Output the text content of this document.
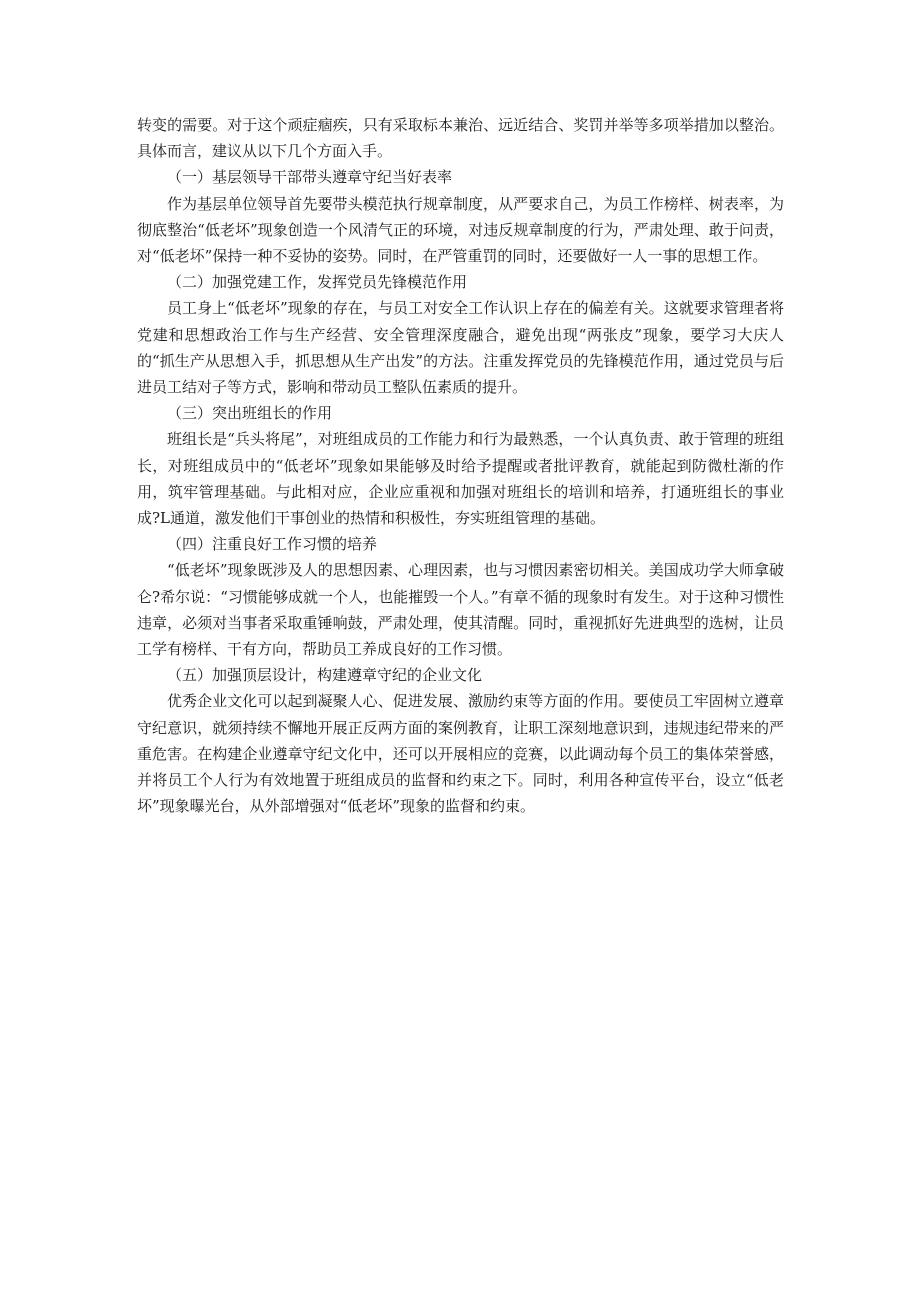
转变的需要。对于这个顽症痼疾，只有采取标本兼治、远近结合、奖罚并举等多项举措加以整治。具体而言，建议从以下几个方面入手。

（一）基层领导干部带头遵章守纪当好表率

作为基层单位领导首先要带头模范执行规章制度，从严要求自己，为员工作榜样、树表率，为彻底整治“低老坏”现象创造一个风清气正的环境，对违反规章制度的行为，严肃处理、敢于问责，对“低老坏”保持一种不妥协的姿势。同时，在严管重罚的同时，还要做好一人一事的思想工作。

（二）加强党建工作，发挥党员先锋模范作用

员工身上“低老坏”现象的存在，与员工对安全工作认识上存在的偏差有关。这就要求管理者将党建和思想政治工作与生产经营、安全管理深度融合，避免出现“两张皮”现象，要学习大庆人的“抓生产从思想入手，抓思想从生产出发”的方法。注重发挥党员的先锋模范作用，通过党员与后进员工结对子等方式，影响和带动员工整队伍素质的提升。

（三）突出班组长的作用

班组长是“兵头将尾”，对班组成员的工作能力和行为最熟悉，一个认真负责、敢于管理的班组长，对班组成员中的“低老坏”现象如果能够及时给予提醒或者批评教育，就能起到防微杜渐的作用，筑牢管理基础。与此相对应，企业应重视和加强对班组长的培训和培养，打通班组长的事业成?L通道，激发他们干事创业的热情和积极性，夯实班组管理的基础。

（四）注重良好工作习惯的培养

“低老坏”现象既涉及人的思想因素、心理因素，也与习惯因素密切相关。美国成功学大师拿破仑?希尔说：“习惯能够成就一个人，也能摧毁一个人。”有章不循的现象时有发生。对于这种习惯性违章，必须对当事者采取重锤响鼓，严肃处理，使其清醒。同时，重视抓好先进典型的选树，让员工学有榜样、干有方向，帮助员工养成良好的工作习惯。

（五）加强顶层设计，构建遵章守纪的企业文化

优秀企业文化可以起到凝聚人心、促进发展、激励约束等方面的作用。要使员工牢固树立遵章守纪意识，就须持续不懈地开展正反两方面的案例教育，让职工深刻地意识到，违规违纪带来的严重危害。在构建企业遵章守纪文化中，还可以开展相应的竞赛，以此调动每个员工的集体荣誉感，并将员工个人行为有效地置于班组成员的监督和约束之下。同时，利用各种宣传平台，设立“低老坏”现象曝光台，从外部增强对“低老坏”现象的监督和约束。
